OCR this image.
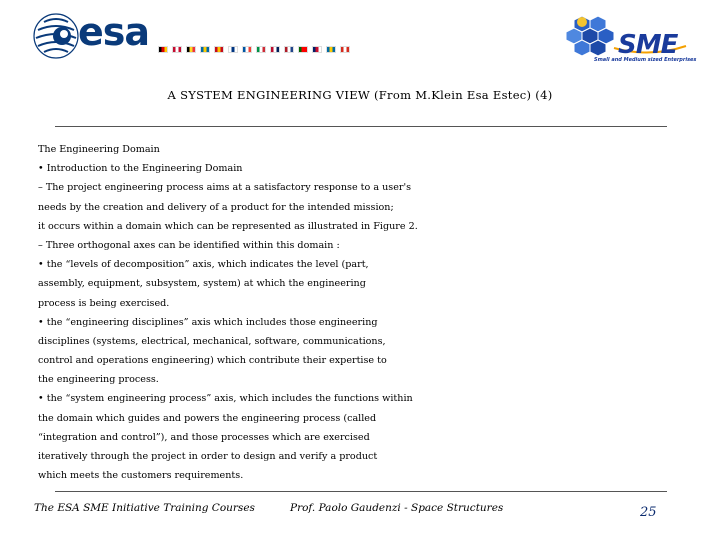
esa	SME
Small and Medium sized Enterprises
A SYSTEM ENGINEERING VIEW (From M.Klein Esa Estec) (4)
The Engineering Domain
• Introduction to the Engineering Domain
– The project engineering process aims at a satisfactory response to a user's
needs by the creation and delivery of a product for the intended mission;
it occurs within a domain which can be represented as illustrated in Figure 2.
– Three orthogonal axes can be identified within this domain :
• the “levels of decomposition” axis, which indicates the level (part,
assembly, equipment, subsystem, system) at which the engineering
process is being exercised.
• the “engineering disciplines” axis which includes those engineering
disciplines (systems, electrical, mechanical, software, communications,
control and operations engineering) which contribute their expertise to
the engineering process.
• the “system engineering process” axis, which includes the functions within
the domain which guides and powers the engineering process (called
“integration and control”), and those processes which are exercised
iteratively through the project in order to design and verify a product
which meets the customers requirements.
The ESA SME Initiative Training Courses	Prof. Paolo Gaudenzi - Space Structures	25
